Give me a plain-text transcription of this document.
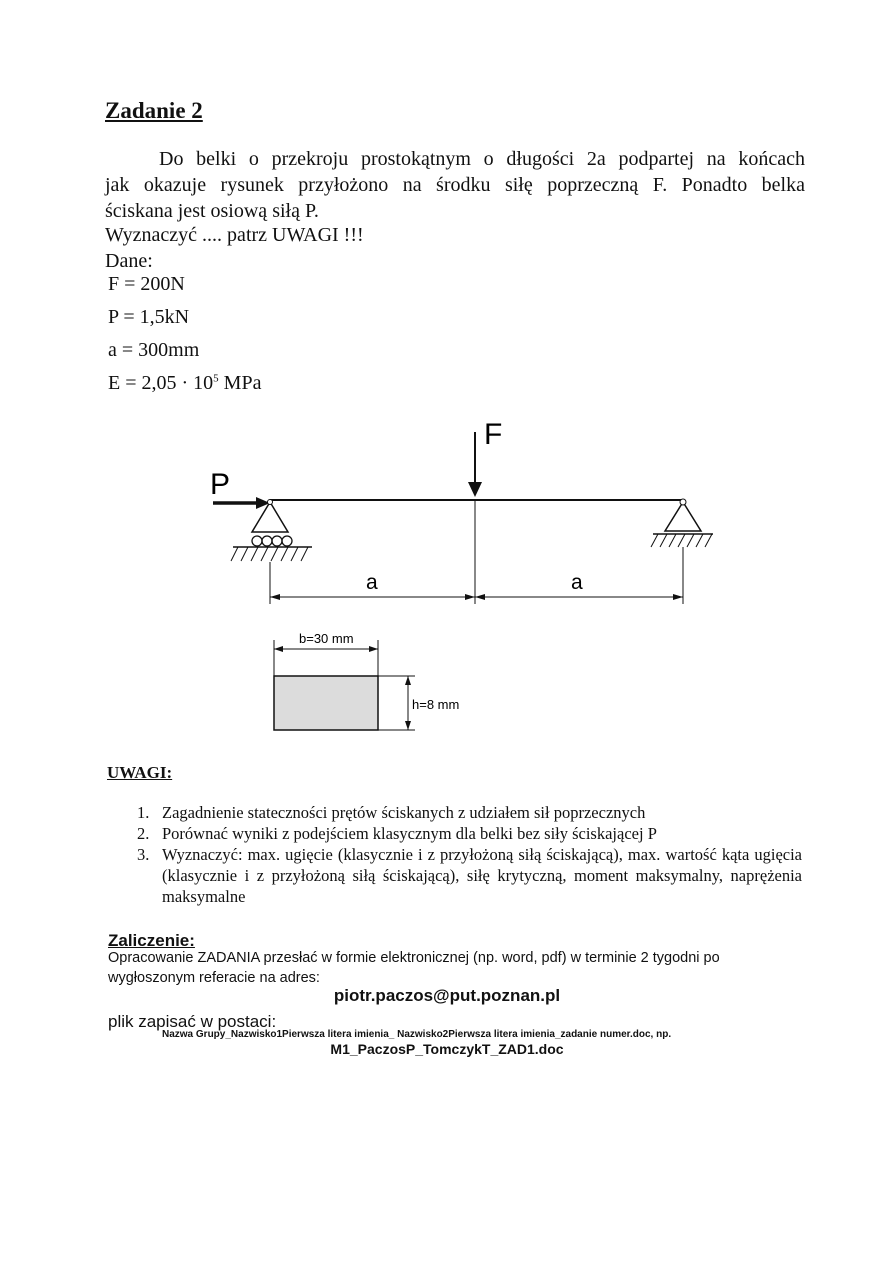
Zadanie 2
Do belki o przekroju prostokątnym o długości 2a podpartej na końcach
jak okazuje rysunek przyłożono na środku siłę poprzeczną F. Ponadto belka
ściskana jest osiową siłą P.
Wyznaczyć .... patrz UWAGI !!!
Dane:
F = 200N
P = 1,5kN
a = 300mm
$E = 2,05 \cdot 10^5$ MPa
P
F
a	a
b=30 mm
h=8 mm
UWAGI:
1. Zagadnienie stateczności prętów ściskanych z udziałem sił poprzecznych
2. Porównać wyniki z podejściem klasycznym dla belki bez siły ściskającej P
3. Wyznaczyć: max. ugięcie (klasycznie i z przyłożoną siłą ściskającą), max. wartość kąta ugięcia (klasycznie i z przyłożoną siłą ściskającą), siłę krytyczną, moment maksymalny, naprężenia maksymalne
Zaliczenie:
Opracowanie ZADANIA przesłać w formie elektronicznej (np. word, pdf) w terminie 2 tygodni po wygłoszonym referacie na adres:
piotr.paczos@put.poznan.pl
plik zapisać w postaci:
Nazwa Grupy_Nazwisko1Pierwsza litera imienia_ Nazwisko2Pierwsza litera imienia_zadanie numer.doc, np.
M1_PaczosP_TomczykT_ZAD1.doc
